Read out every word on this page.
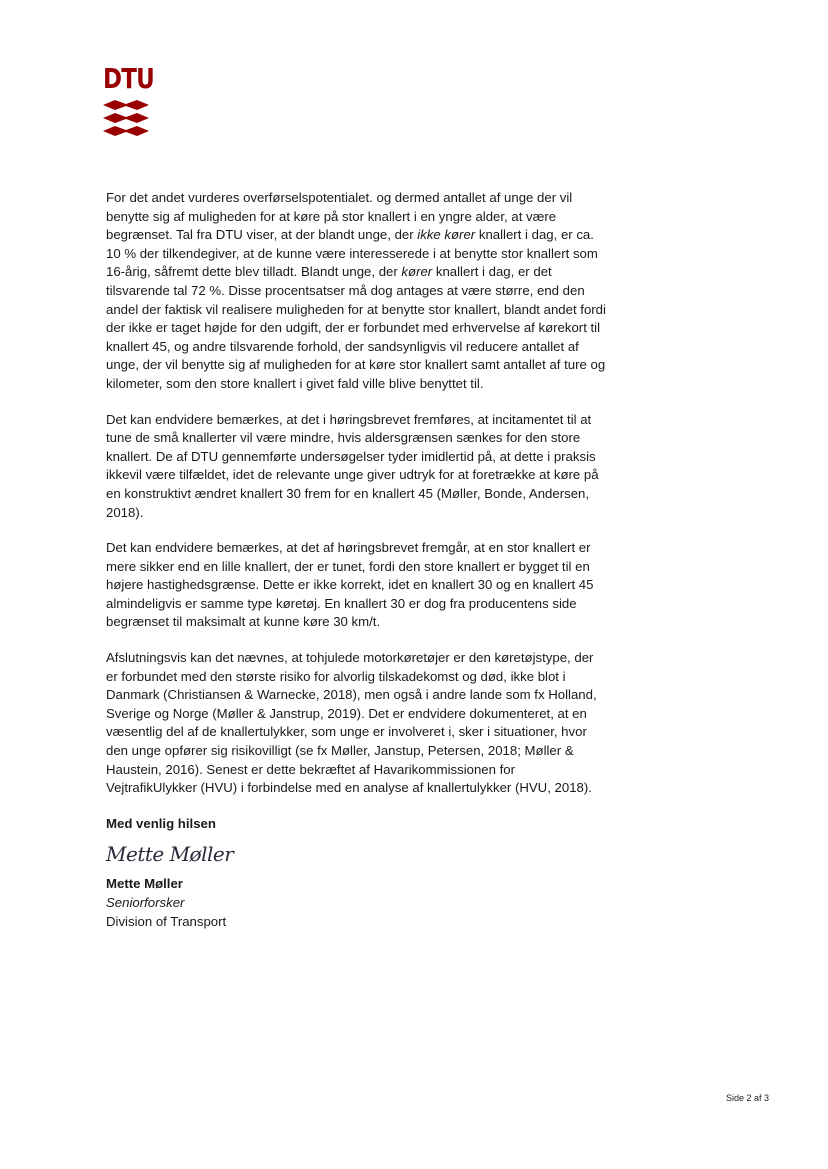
DTU

For det andet vurderes overførselspotentialet. og dermed antallet af unge der vil benytte sig af muligheden for at køre på stor knallert i en yngre alder, at være begrænset. Tal fra DTU viser, at der blandt unge, der ikke kører knallert i dag, er ca. 10 % der tilkendegiver, at de kunne være interesserede i at benytte stor knallert som 16-årig, såfremt dette blev tilladt. Blandt unge, der kører knallert i dag, er det tilsvarende tal 72 %. Disse procentsatser må dog antages at være større, end den andel der faktisk vil realisere muligheden for at benytte stor knallert, blandt andet fordi der ikke er taget højde for den udgift, der er forbundet med erhvervelse af kørekort til knallert 45, og andre tilsvarende forhold, der sandsynligvis vil reducere antallet af unge, der vil benytte sig af muligheden for at køre stor knallert samt antallet af ture og kilometer, som den store knallert i givet fald ville blive benyttet til.

Det kan endvidere bemærkes, at det i høringsbrevet fremføres, at incitamentet til at tune de små knallerter vil være mindre, hvis aldersgrænsen sænkes for den store knallert. De af DTU gennemførte undersøgelser tyder imidlertid på, at dette i praksis ikkevil være tilfældet, idet de relevante unge giver udtryk for at foretrække at køre på en konstruktivt ændret knallert 30 frem for en knallert 45 (Møller, Bonde, Andersen, 2018).

Det kan endvidere bemærkes, at det af høringsbrevet fremgår, at en stor knallert er mere sikker end en lille knallert, der er tunet, fordi den store knallert er bygget til en højere hastighedsgrænse. Dette er ikke korrekt, idet en knallert 30 og en knallert 45 almindeligvis er samme type køretøj. En knallert 30 er dog fra producentens side begrænset til maksimalt at kunne køre 30 km/t.

Afslutningsvis kan det nævnes, at tohjulede motorkøretøjer er den køretøjstype, der er forbundet med den største risiko for alvorlig tilskadekomst og død, ikke blot i Danmark (Christiansen & Warnecke, 2018), men også i andre lande som fx Holland, Sverige og Norge (Møller & Janstrup, 2019). Det er endvidere dokumenteret, at en væsentlig del af de knallertulykker, som unge er involveret i, sker i situationer, hvor den unge opfører sig risikovilligt (se fx Møller, Janstup, Petersen, 2018; Møller & Haustein, 2016). Senest er dette bekræftet af Havarikommissionen for VejtrafikUlykker (HVU) i forbindelse med en analyse af knallertulykker (HVU, 2018).

Med venlig hilsen
Mette Møller
Mette Møller
Seniorforsker
Division of Transport
Side 2 af 3
